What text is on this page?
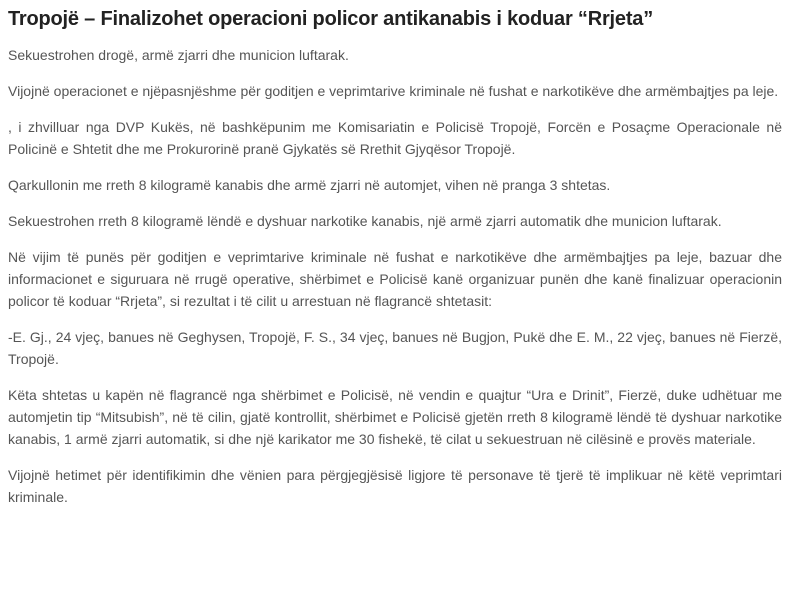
Tropojë – Finalizohet operacioni policor antikanabis i koduar “Rrjeta”

Sekuestrohen drogë, armë zjarri dhe municion luftarak.

Vijojnë operacionet e njëpasnjëshme për goditjen e veprimtarive kriminale në fushat e narkotikëve dhe armëmbajtjes pa leje.

, i zhvilluar nga DVP Kukës, në bashkëpunim me Komisariatin e Policisë Tropojë, Forcën e Posaçme Operacionale në Policinë e Shtetit dhe me Prokurorinë pranë Gjykatës së Rrethit Gjyqësor Tropojë.

Qarkullonin me rreth 8 kilogramë kanabis dhe armë zjarri në automjet, vihen në pranga 3 shtetas.

Sekuestrohen rreth 8 kilogramë lëndë e dyshuar narkotike kanabis, një armë zjarri automatik dhe municion luftarak.

Në vijim të punës për goditjen e veprimtarive kriminale në fushat e narkotikëve dhe armëmbajtjes pa leje, bazuar dhe informacionet e siguruara në rrugë operative, shërbimet e Policisë kanë organizuar punën dhe kanë finalizuar operacionin policor të koduar “Rrjeta”, si rezultat i të cilit u arrestuan në flagrancë shtetasit:

-E. Gj., 24 vjeç, banues në Geghysen, Tropojë, F. S., 34 vjeç, banues në Bugjon, Pukë dhe E. M., 22 vjeç, banues në Fierzë, Tropojë.

Këta shtetas u kapën në flagrancë nga shërbimet e Policisë, në vendin e quajtur “Ura e Drinit”, Fierzë, duke udhëtuar me automjetin tip “Mitsubish”, në të cilin, gjatë kontrollit, shërbimet e Policisë gjetën rreth 8 kilogramë lëndë të dyshuar narkotike kanabis, 1 armë zjarri automatik, si dhe një karikator me 30 fishekë, të cilat u sekuestruan në cilësinë e provës materiale.

Vijojnë hetimet për identifikimin dhe vënien para përgjegjësisë ligjore të personave të tjerë të implikuar në këtë veprimtari kriminale.
